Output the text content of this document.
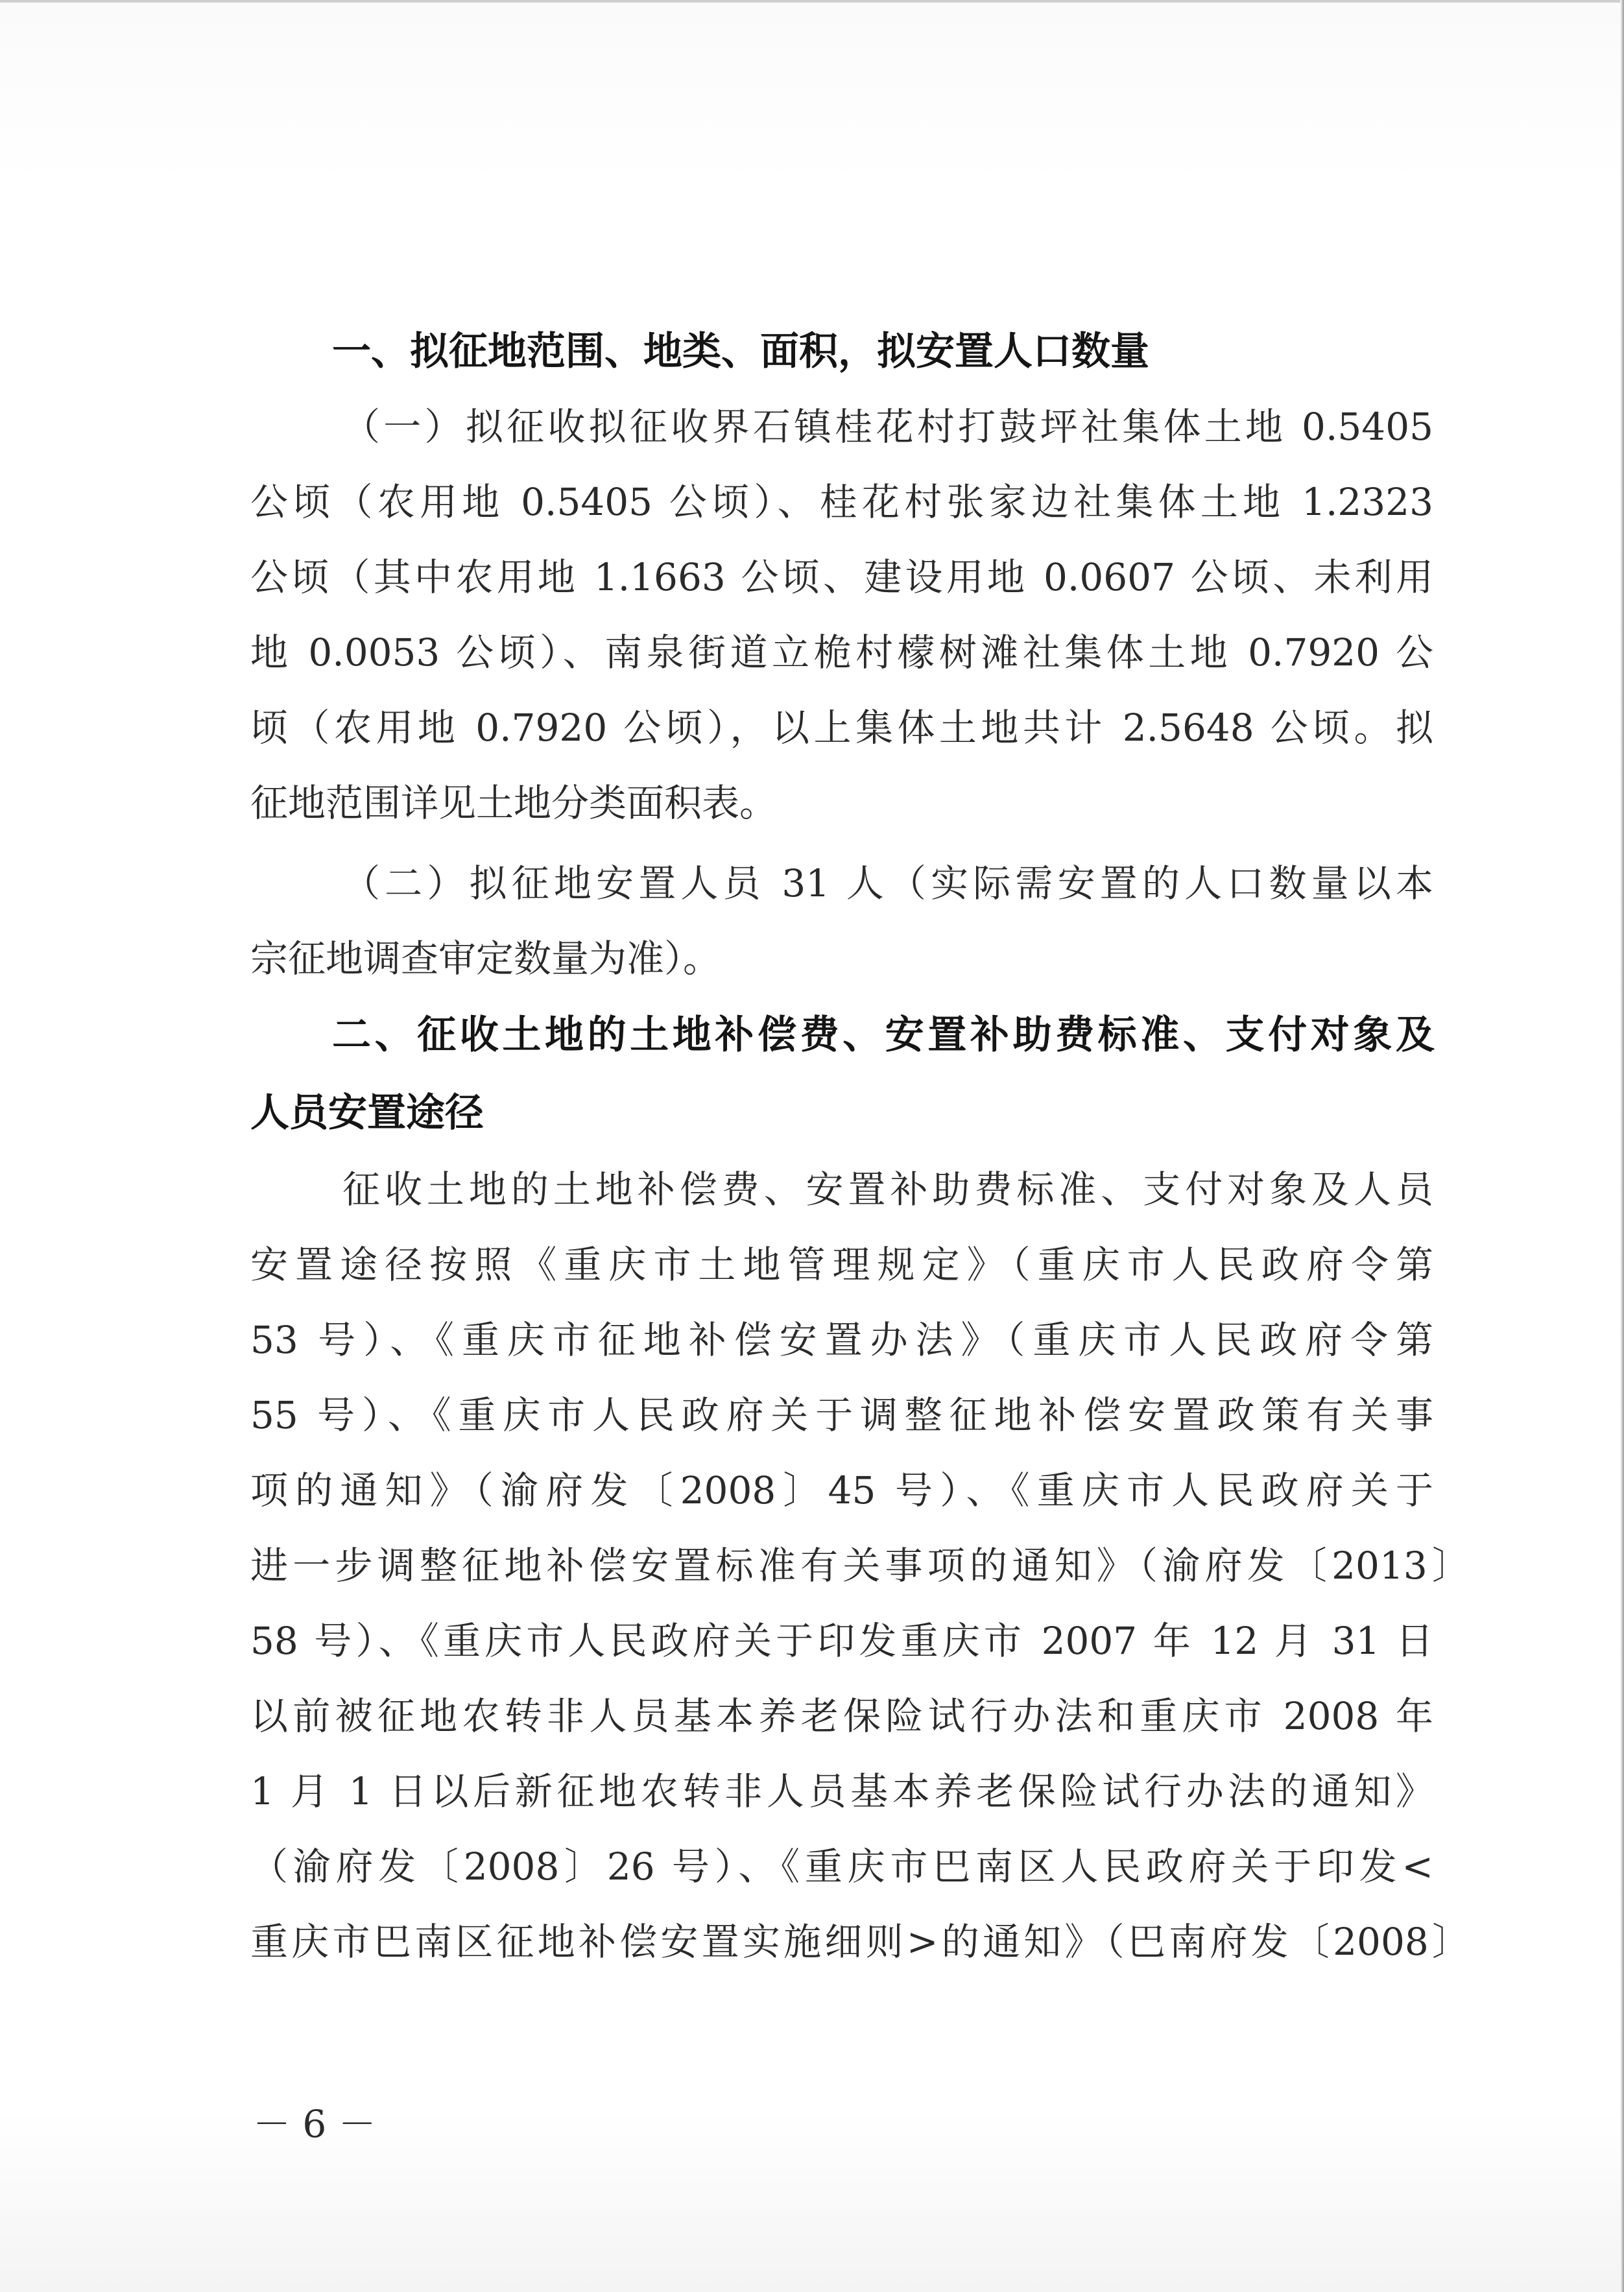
一、拟征地范围、地类、面积，拟安置人口数量
（一）拟征收拟征收界石镇桂花村打鼓坪社集体土地 0.5405
公顷（农用地 0.5405 公顷）、桂花村张家边社集体土地 1.2323
公顷（其中农用地 1.1663 公顷、建设用地 0.0607 公顷、未利用
地 0.0053 公顷）、南泉街道立桅村檬树滩社集体土地 0.7920 公
顷（农用地 0.7920 公顷），以上集体土地共计 2.5648 公顷。拟
征地范围详见土地分类面积表。
（二）拟征地安置人员 31 人（实际需安置的人口数量以本
宗征地调查审定数量为准）。
二、征收土地的土地补偿费、安置补助费标准、支付对象及
人员安置途径
征收土地的土地补偿费、安置补助费标准、支付对象及人员
安置途径按照《重庆市土地管理规定》（重庆市人民政府令第
53 号）、《重庆市征地补偿安置办法》（重庆市人民政府令第
55 号）、《重庆市人民政府关于调整征地补偿安置政策有关事
项的通知》（渝府发〔2008〕45 号）、《重庆市人民政府关于
进一步调整征地补偿安置标准有关事项的通知》（渝府发〔2013〕
58 号）、《重庆市人民政府关于印发重庆市 2007 年 12 月 31 日
以前被征地农转非人员基本养老保险试行办法和重庆市 2008 年
1 月 1 日以后新征地农转非人员基本养老保险试行办法的通知》
（渝府发〔2008〕26 号）、《重庆市巴南区人民政府关于印发<
重庆市巴南区征地补偿安置实施细则>的通知》（巴南府发〔2008〕
－ 6 －
